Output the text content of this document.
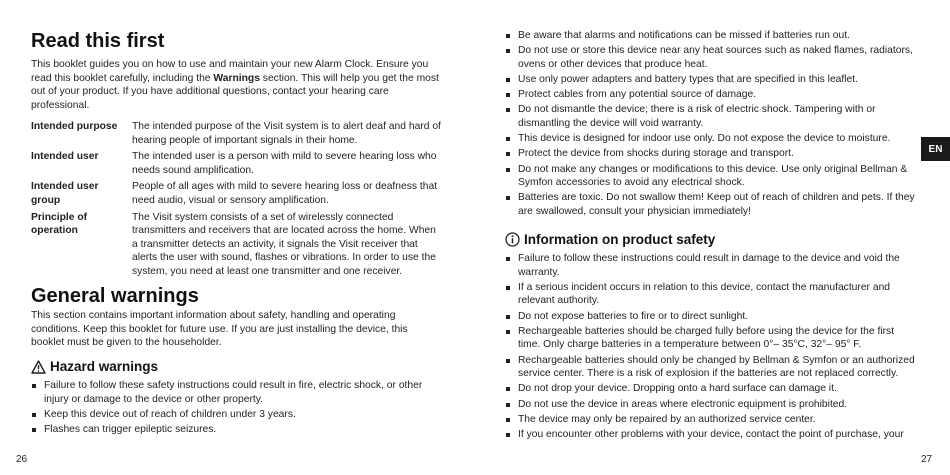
Read this first

This booklet guides you on how to use and maintain your new Alarm Clock. Ensure you read this booklet carefully, including the Warnings section. This will help you get the most out of your product. If you have additional questions, contact your hearing care professional.

Intended purpose	The intended purpose of the Visit system is to alert deaf and hard of hearing people of important signals in their home.
Intended user	The intended user is a person with mild to severe hearing loss who needs sound amplification.
Intended user group
People of all ages with mild to severe hearing loss or deafness that need audio, visual or sensory amplification.
Principle of operation
The Visit system consists of a set of wirelessly connected transmitters and receivers that are located across the home. When a transmitter detects an activity, it signals the Visit receiver that alerts the user with sound, flashes or vibrations. In order to use the system, you need at least one transmitter and one receiver.
General warnings

This section contains important information about safety, handling and operating conditions. Keep this booklet for future use. If you are just installing the device, this booklet must be given to the householder.

Hazard warnings
Failure to follow these safety instructions could result in fire, electric shock, or other injury or damage to the device or other property.
Keep this device out of reach of children under 3 years.
Flashes can trigger epileptic seizures.
26
Be aware that alarms and notifications can be missed if batteries run out.
Do not use or store this device near any heat sources such as naked flames, radiators, ovens or other devices that produce heat.
Use only power adapters and battery types that are specified in this leaflet.
Protect cables from any potential source of damage.
Do not dismantle the device; there is a risk of electric shock. Tampering with or dismantling the device will void warranty.
This device is designed for indoor use only. Do not expose the device to moisture.
Protect the device from shocks during storage and transport.
Do not make any changes or modifications to this device. Use only original Bellman & Symfon accessories to avoid any electrical shock.
Batteries are toxic. Do not swallow them! Keep out of reach of children and pets. If they are swallowed, consult your physician immediately!
Information on product safety
Failure to follow these instructions could result in damage to the device and void the warranty.
If a serious incident occurs in relation to this device, contact the manufacturer and relevant authority.
Do not expose batteries to fire or to direct sunlight.
Rechargeable batteries should be charged fully before using the device for the first time. Only charge batteries in a temperature between 0°– 35°C, 32°– 95° F.
Rechargeable batteries should only be changed by Bellman & Symfon or an authorized service center. There is a risk of explosion if the batteries are not replaced correctly.
Do not drop your device. Dropping onto a hard surface can damage it.
Do not use the device in areas where electronic equipment is prohibited.
The device may only be repaired by an authorized service center.
If you encounter other problems with your device, contact the point of purchase, your
27
EN
